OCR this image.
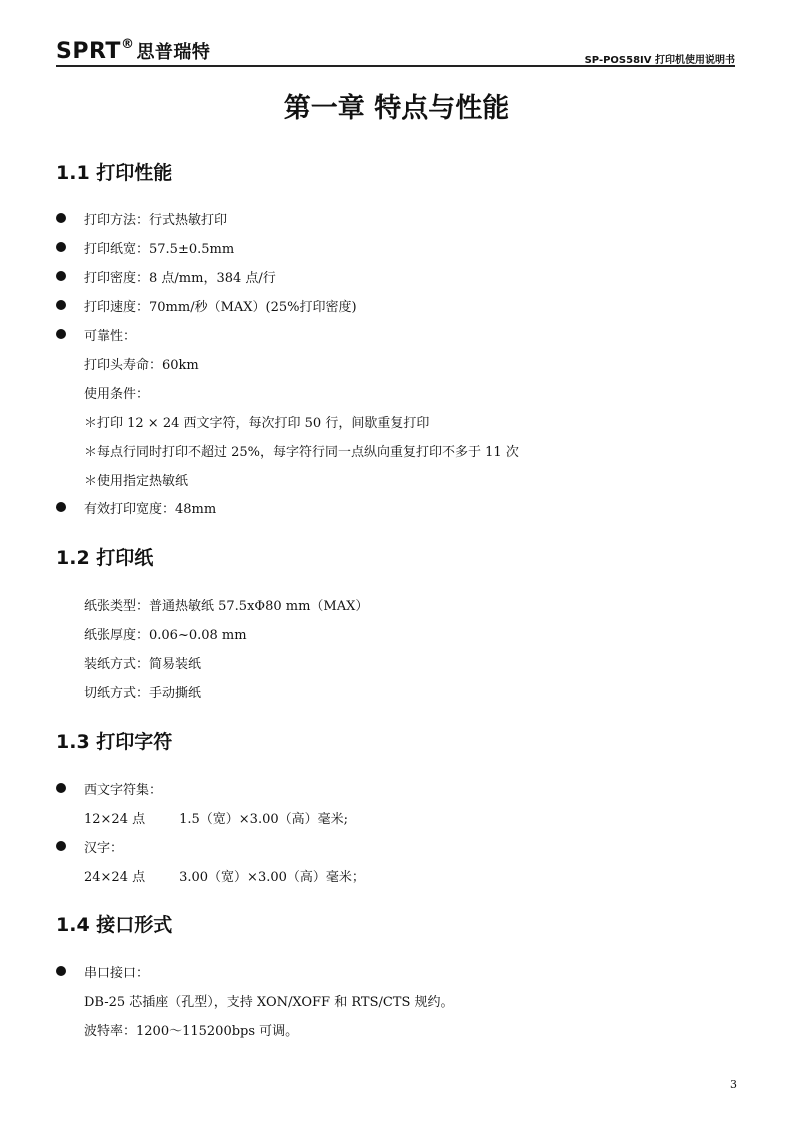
SPRT® 思普瑞特	SP-POS58IV 打印机使用说明书
第一章 特点与性能
1.1 打印性能
打印方法：行式热敏打印
打印纸宽：57.5±0.5mm
打印密度：8 点/mm，384 点/行
打印速度：70mm/秒（MAX）(25%打印密度)
可靠性：
打印头寿命：60km
使用条件：
＊打印 12 × 24 西文字符，每次打印 50 行，间歇重复打印
＊每点行同时打印不超过 25%，每字符行同一点纵向重复打印不多于 11 次
＊使用指定热敏纸
有效打印宽度：48mm
1.2 打印纸
纸张类型：普通热敏纸 57.5xΦ80 mm（MAX）
纸张厚度：0.06~0.08 mm
装纸方式：简易装纸
切纸方式：手动撕纸
1.3 打印字符
西文字符集：
12×24 点	1.5（宽）×3.00（高）毫米;
汉字：
24×24 点	3.00（宽）×3.00（高）毫米；
1.4 接口形式
串口接口：
DB-25 芯插座（孔型），支持 XON/XOFF 和 RTS/CTS 规约。
波特率：1200～115200bps 可调。
3
